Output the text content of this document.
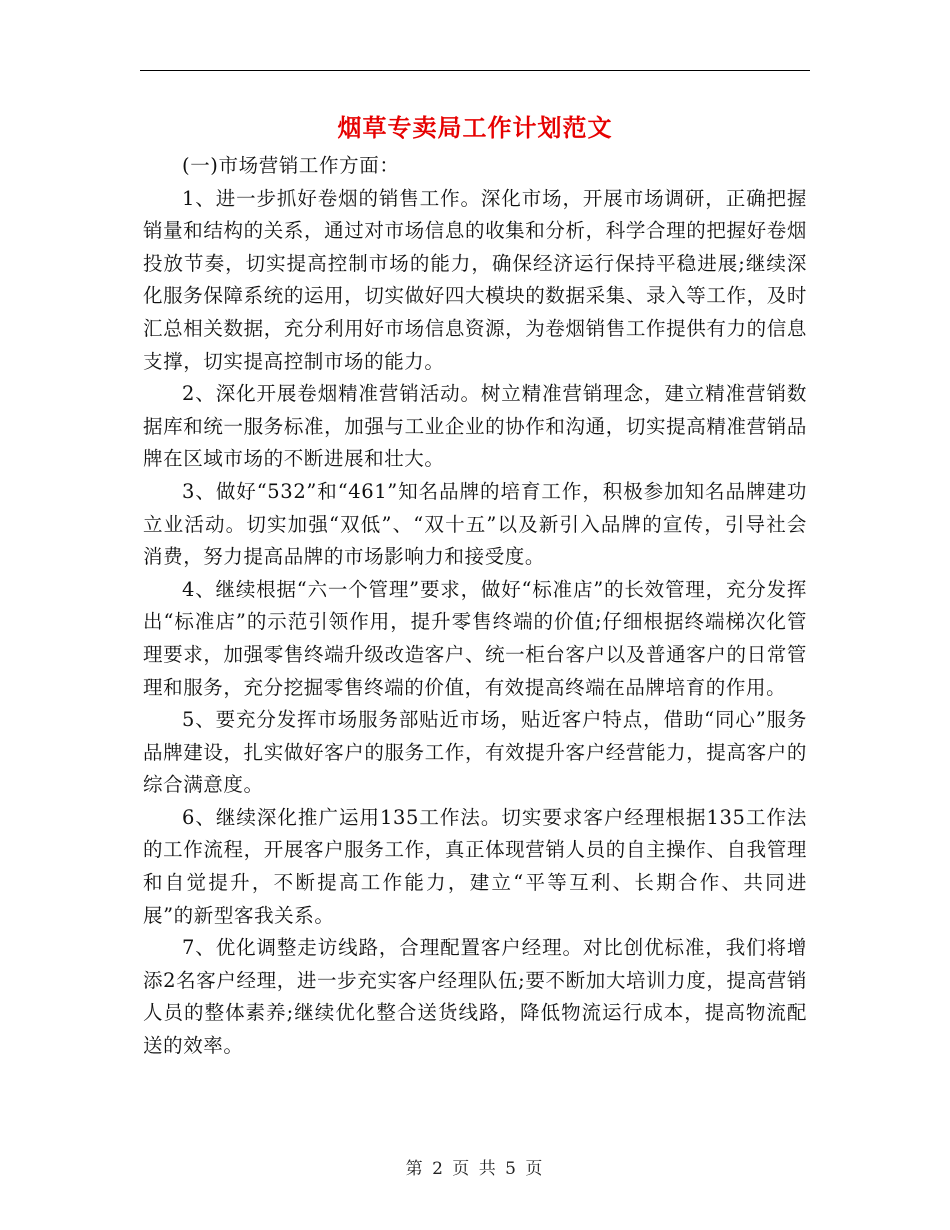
烟草专卖局工作计划范文

(一)市场营销工作方面：

1、进一步抓好卷烟的销售工作。深化市场，开展市场调研，正确把握销量和结构的关系，通过对市场信息的收集和分析，科学合理的把握好卷烟投放节奏，切实提高控制市场的能力，确保经济运行保持平稳进展;继续深化服务保障系统的运用，切实做好四大模块的数据采集、录入等工作，及时汇总相关数据，充分利用好市场信息资源，为卷烟销售工作提供有力的信息支撑，切实提高控制市场的能力。

2、深化开展卷烟精准营销活动。树立精准营销理念，建立精准营销数据库和统一服务标准，加强与工业企业的协作和沟通，切实提高精准营销品牌在区域市场的不断进展和壮大。

3、做好“532”和“461”知名品牌的培育工作，积极参加知名品牌建功立业活动。切实加强“双低”、“双十五”以及新引入品牌的宣传，引导社会消费，努力提高品牌的市场影响力和接受度。

4、继续根据“六一个管理”要求，做好“标准店”的长效管理，充分发挥出“标准店”的示范引领作用，提升零售终端的价值;仔细根据终端梯次化管理要求，加强零售终端升级改造客户、统一柜台客户以及普通客户的日常管理和服务，充分挖掘零售终端的价值，有效提高终端在品牌培育的作用。

5、要充分发挥市场服务部贴近市场，贴近客户特点，借助“同心”服务品牌建设，扎实做好客户的服务工作，有效提升客户经营能力，提高客户的综合满意度。

6、继续深化推广运用135工作法。切实要求客户经理根据135工作法的工作流程，开展客户服务工作，真正体现营销人员的自主操作、自我管理和自觉提升，不断提高工作能力，建立“平等互利、长期合作、共同进展”的新型客我关系。

7、优化调整走访线路，合理配置客户经理。对比创优标准，我们将增添2名客户经理，进一步充实客户经理队伍;要不断加大培训力度，提高营销人员的整体素养;继续优化整合送货线路，降低物流运行成本，提高物流配送的效率。

第 2 页 共 5 页
